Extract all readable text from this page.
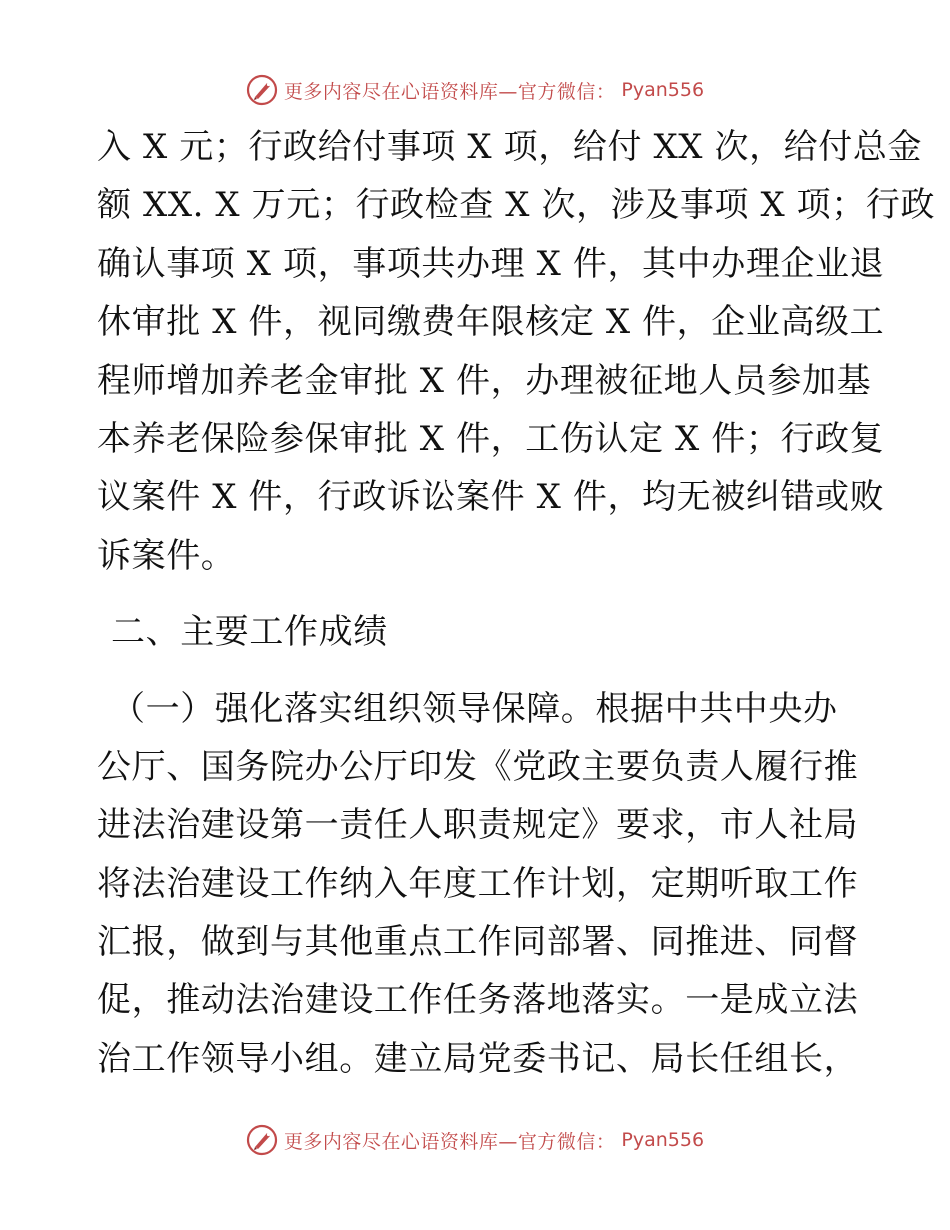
更多内容尽在心语资料库—官方微信： Pyan556
入 X 元；行政给付事项 X 项，给付 XX 次，给付总金
额 XX. X 万元；行政检查 X 次，涉及事项 X 项；行政
确认事项 X 项，事项共办理 X 件，其中办理企业退
休审批 X 件，视同缴费年限核定 X 件，企业高级工
程师增加养老金审批 X 件，办理被征地人员参加基
本养老保险参保审批 X 件，工伤认定 X 件；行政复
议案件 X 件，行政诉讼案件 X 件，均无被纠错或败
诉案件。
二、主要工作成绩
（一）强化落实组织领导保障。根据中共中央办
公厅、国务院办公厅印发《党政主要负责人履行推
进法治建设第一责任人职责规定》要求，市人社局
将法治建设工作纳入年度工作计划，定期听取工作
汇报，做到与其他重点工作同部署、同推进、同督
促，推动法治建设工作任务落地落实。一是成立法
治工作领导小组。建立局党委书记、局长任组长，
更多内容尽在心语资料库—官方微信： Pyan556
